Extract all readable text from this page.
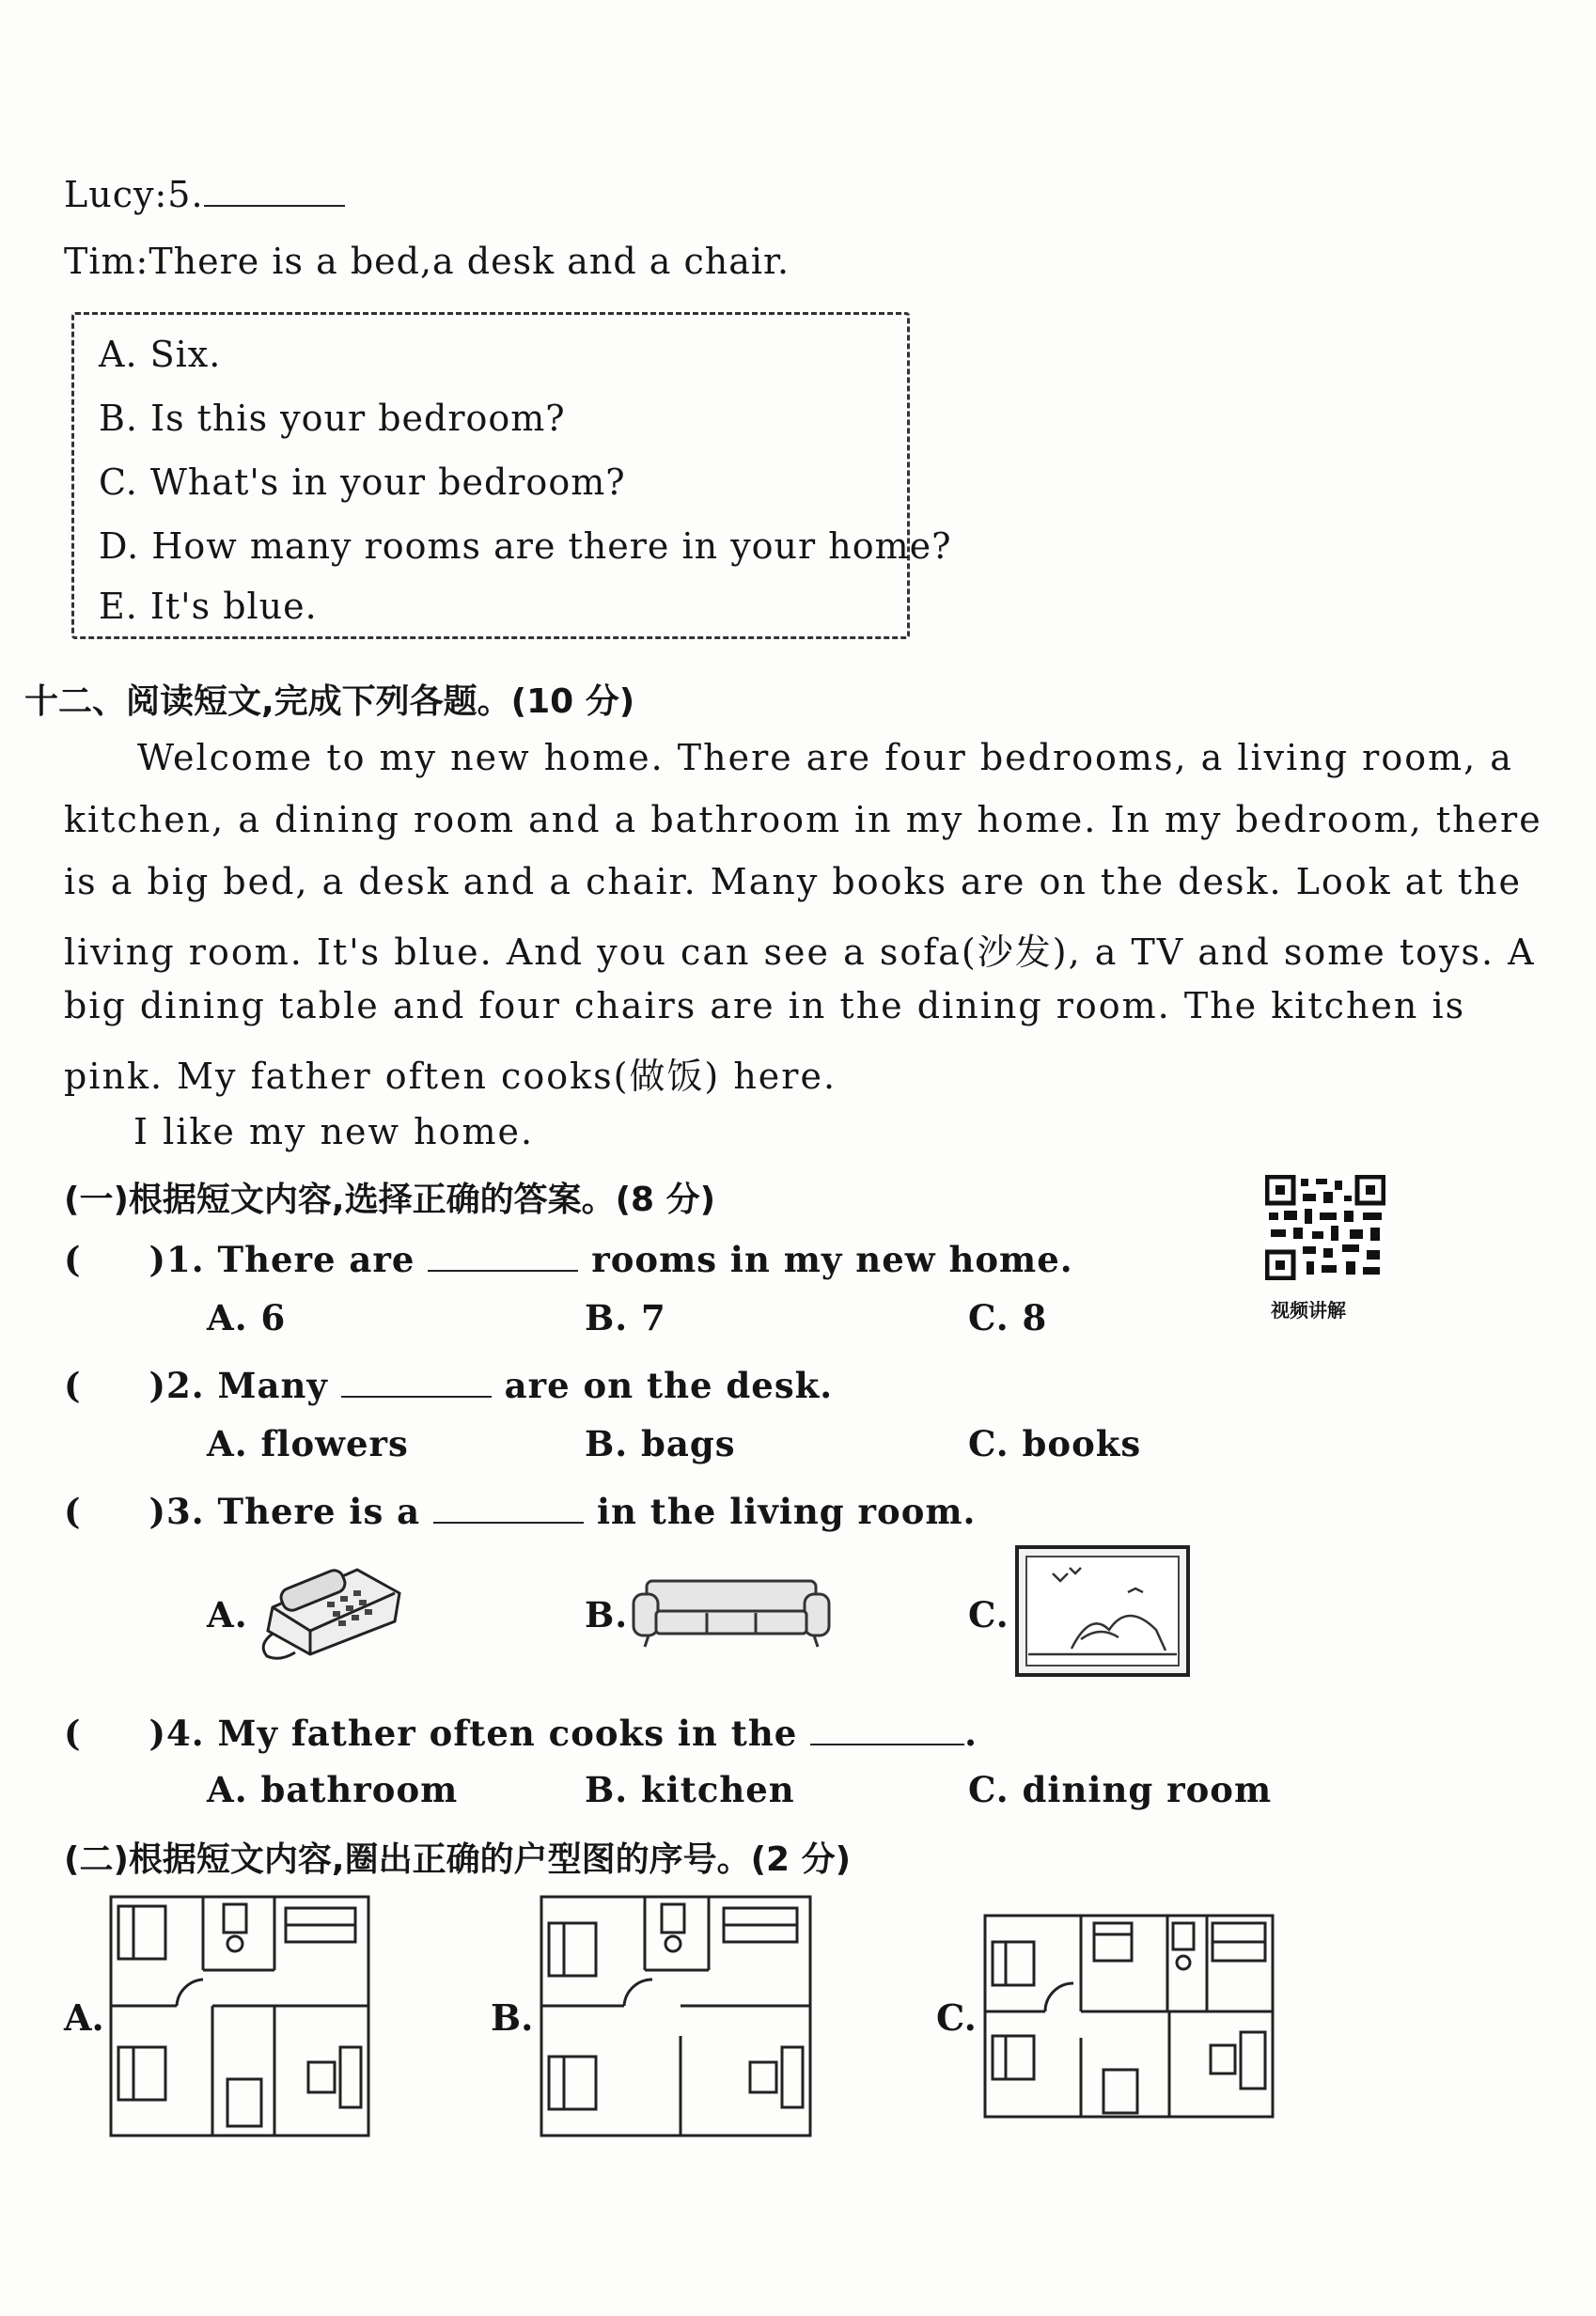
Lucy:5.
Tim:There is a bed,a desk and a chair.
A. Six.
B. Is this your bedroom?
C. What's in your bedroom?
D. How many rooms are there in your home?
E. It's blue.
十二、阅读短文,完成下列各题。(10 分)
Welcome to my new home. There are four bedrooms, a living room, a
kitchen, a dining room and a bathroom in my home. In my bedroom, there
is a big bed, a desk and a chair. Many books are on the desk. Look at the
living room. It's blue. And you can see a sofa(沙发), a TV and some toys. A
big dining table and four chairs are in the dining room. The kitchen is
pink. My father often cooks(做饭) here.
I like my new home.
(一)根据短文内容,选择正确的答案。(8 分)
视频讲解
( )1. There are	rooms in my new home.
A. 6	B. 7	C. 8
( )2. Many	are on the desk.
A. flowers	B. bags	C. books
( )3. There is a	in the living room.
A.	B.	C.
( )4. My father often cooks in the	.
A. bathroom	B. kitchen	C. dining room
(二)根据短文内容,圈出正确的户型图的序号。(2 分)
A.	B.	C.
